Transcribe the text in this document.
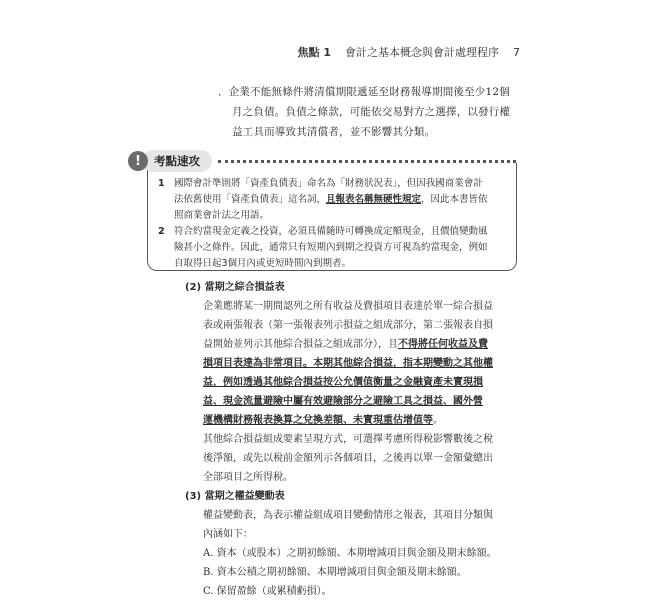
焦點 1 會計之基本概念與會計處理程序 7
．企業不能無條件將清償期限遞延至財務報導期間後至少12個
月之負債。負債之條款，可能依交易對方之選擇，以發行權
益工具而導致其清償者，並不影響其分類。
!	考點速攻
1 國際會計準則將「資產負債表」命名為「財務狀況表」，但因我國商業會計
法依舊使用「資產負債表」這名詞，且報表名稱無硬性規定，因此本書皆依
照商業會計法之用語。
2 符合約當現金定義之投資，必須具備隨時可轉換成定額現金，且價值變動風
險甚小之條件。因此，通常只有短期內到期之投資方可視為約當現金，例如
自取得日起3個月內或更短時間內到期者。
(2) 當期之綜合損益表
企業應將某一期間認列之所有收益及費損項目表達於單一綜合損益
表或兩張報表（第一張報表列示損益之組成部分，第二張報表自損
益開始並列示其他綜合損益之組成部分），且不得將任何收益及費
損項目表達為非常項目。本期其他綜合損益，指本期變動之其他權
益，例如透過其他綜合損益按公允價值衡量之金融資產未實現損
益、現金流量避險中屬有效避險部分之避險工具之損益、國外營
運機構財務報表換算之兌換差額、未實現重估增值等。
其他綜合損益組成要素呈現方式，可選擇考慮所得稅影響數後之稅
後淨額，或先以稅前金額列示各個項目，之後再以單一金額彙總出
全部項目之所得稅。
(3) 當期之權益變動表
權益變動表，為表示權益組成項目變動情形之報表，其項目分類與
內涵如下：
A. 資本（或股本）之期初餘額、本期增減項目與金額及期末餘額。
B. 資本公積之期初餘額、本期增減項目與金額及期末餘額。
C. 保留盈餘（或累積虧損）。
